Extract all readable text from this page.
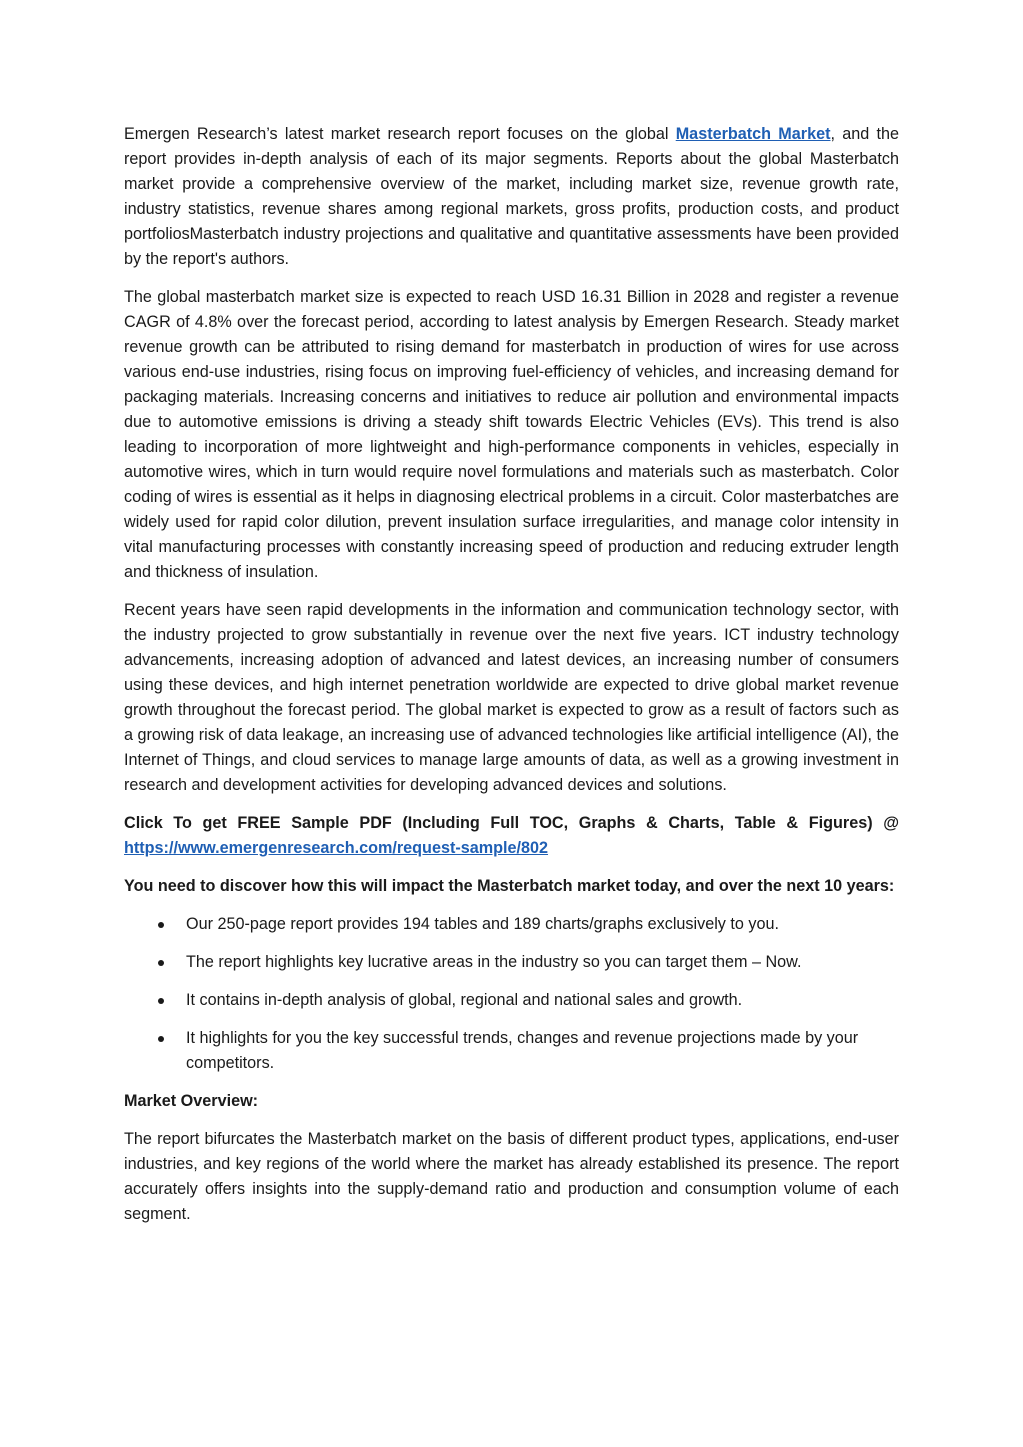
Emergen Research’s latest market research report focuses on the global Masterbatch Market, and the report provides in-depth analysis of each of its major segments. Reports about the global Masterbatch market provide a comprehensive overview of the market, including market size, revenue growth rate, industry statistics, revenue shares among regional markets, gross profits, production costs, and product portfoliosMasterbatch industry projections and qualitative and quantitative assessments have been provided by the report's authors.

The global masterbatch market size is expected to reach USD 16.31 Billion in 2028 and register a revenue CAGR of 4.8% over the forecast period, according to latest analysis by Emergen Research. Steady market revenue growth can be attributed to rising demand for masterbatch in production of wires for use across various end-use industries, rising focus on improving fuel-efficiency of vehicles, and increasing demand for packaging materials. Increasing concerns and initiatives to reduce air pollution and environmental impacts due to automotive emissions is driving a steady shift towards Electric Vehicles (EVs). This trend is also leading to incorporation of more lightweight and high-performance components in vehicles, especially in automotive wires, which in turn would require novel formulations and materials such as masterbatch. Color coding of wires is essential as it helps in diagnosing electrical problems in a circuit. Color masterbatches are widely used for rapid color dilution, prevent insulation surface irregularities, and manage color intensity in vital manufacturing processes with constantly increasing speed of production and reducing extruder length and thickness of insulation.

Recent years have seen rapid developments in the information and communication technology sector, with the industry projected to grow substantially in revenue over the next five years. ICT industry technology advancements, increasing adoption of advanced and latest devices, an increasing number of consumers using these devices, and high internet penetration worldwide are expected to drive global market revenue growth throughout the forecast period. The global market is expected to grow as a result of factors such as a growing risk of data leakage, an increasing use of advanced technologies like artificial intelligence (AI), the Internet of Things, and cloud services to manage large amounts of data, as well as a growing investment in research and development activities for developing advanced devices and solutions.

Click To get FREE Sample PDF (Including Full TOC, Graphs & Charts, Table & Figures) @ https://www.emergenresearch.com/request-sample/802

You need to discover how this will impact the Masterbatch market today, and over the next 10 years:

Our 250-page report provides 194 tables and 189 charts/graphs exclusively to you.
The report highlights key lucrative areas in the industry so you can target them – Now.
It contains in-depth analysis of global, regional and national sales and growth.
It highlights for you the key successful trends, changes and revenue projections made by your competitors.

Market Overview:

The report bifurcates the Masterbatch market on the basis of different product types, applications, end-user industries, and key regions of the world where the market has already established its presence. The report accurately offers insights into the supply-demand ratio and production and consumption volume of each segment.
